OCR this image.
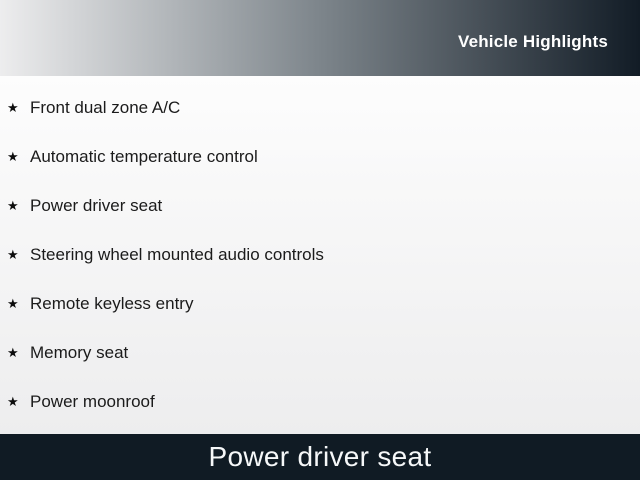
Vehicle Highlights
★ Front dual zone A/C
★ Automatic temperature control
★ Power driver seat
★ Steering wheel mounted audio controls
★ Remote keyless entry
★ Memory seat
★ Power moonroof
Power driver seat
